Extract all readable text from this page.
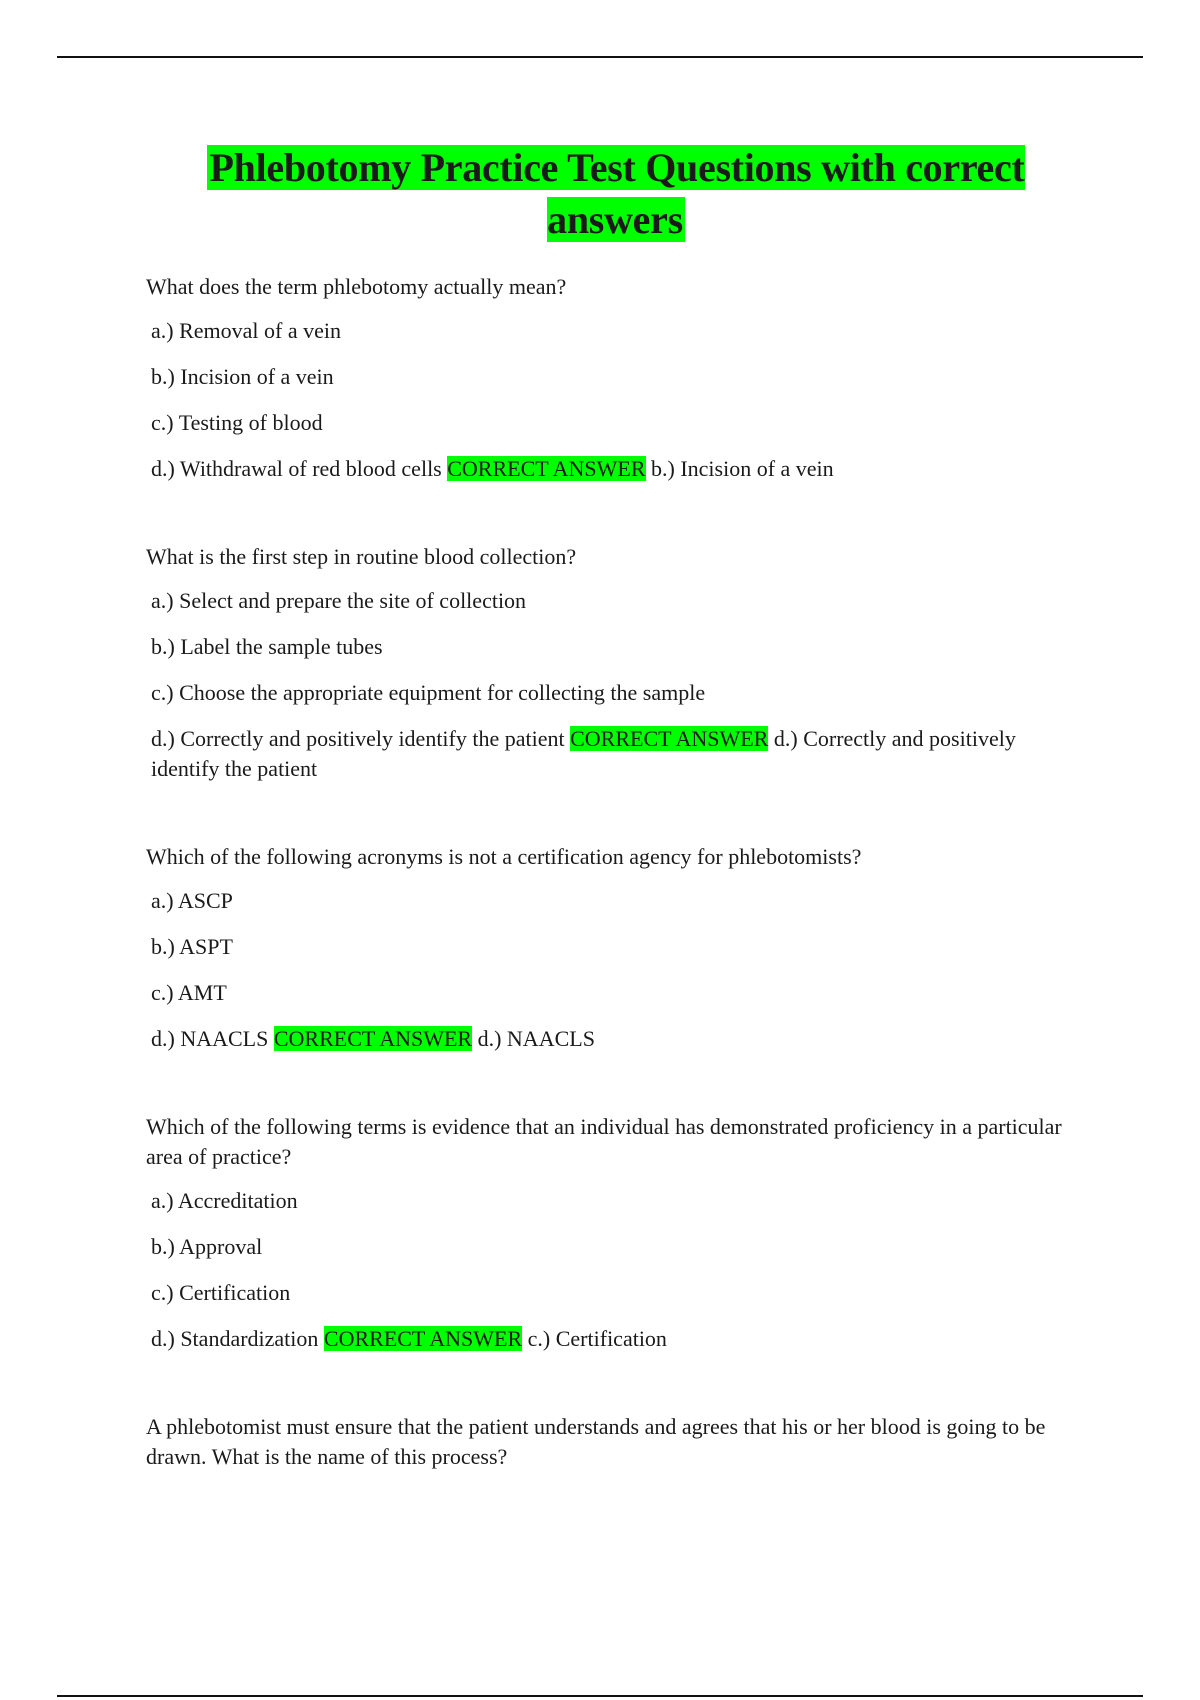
Phlebotomy Practice Test Questions with correct answers

What does the term phlebotomy actually mean?

a.) Removal of a vein

b.) Incision of a vein

c.) Testing of blood

d.) Withdrawal of red blood cells CORRECT ANSWER b.) Incision of a vein

What is the first step in routine blood collection?

a.) Select and prepare the site of collection

b.) Label the sample tubes

c.) Choose the appropriate equipment for collecting the sample

d.) Correctly and positively identify the patient CORRECT ANSWER d.) Correctly and positively identify the patient

Which of the following acronyms is not a certification agency for phlebotomists?

a.) ASCP

b.) ASPT

c.) AMT

d.) NAACLS CORRECT ANSWER d.) NAACLS

Which of the following terms is evidence that an individual has demonstrated proficiency in a particular area of practice?

a.) Accreditation

b.) Approval

c.) Certification

d.) Standardization CORRECT ANSWER c.) Certification

A phlebotomist must ensure that the patient understands and agrees that his or her blood is going to be drawn. What is the name of this process?
